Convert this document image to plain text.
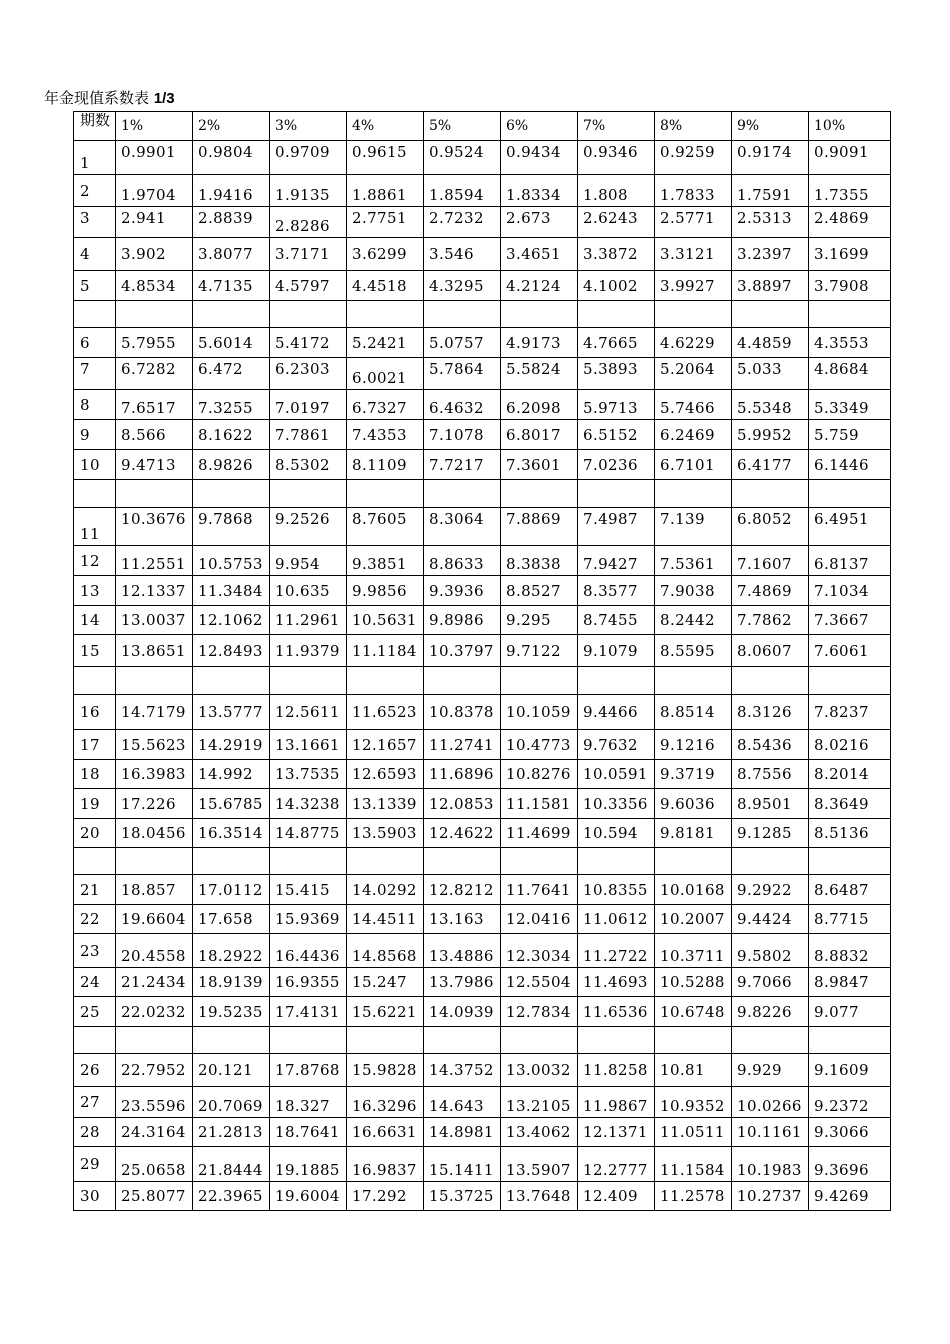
年金现值系数表 1/3
期数	1%	2%	3%	4%	5%	6%	7%	8%	9%	10%
1	0.9901	0.9804	0.9709	0.9615	0.9524	0.9434	0.9346	0.9259	0.9174	0.9091
2	1.9704	1.9416	1.9135	1.8861	1.8594	1.8334	1.808	1.7833	1.7591	1.7355
3	2.941	2.8839	2.8286	2.7751	2.7232	2.673	2.6243	2.5771	2.5313	2.4869
4	3.902	3.8077	3.7171	3.6299	3.546	3.4651	3.3872	3.3121	3.2397	3.1699
5	4.8534	4.7135	4.5797	4.4518	4.3295	4.2124	4.1002	3.9927	3.8897	3.7908

6	5.7955	5.6014	5.4172	5.2421	5.0757	4.9173	4.7665	4.6229	4.4859	4.3553
7	6.7282	6.472	6.2303	6.0021	5.7864	5.5824	5.3893	5.2064	5.033	4.8684
8	7.6517	7.3255	7.0197	6.7327	6.4632	6.2098	5.9713	5.7466	5.5348	5.3349
9	8.566	8.1622	7.7861	7.4353	7.1078	6.8017	6.5152	6.2469	5.9952	5.759
10	9.4713	8.9826	8.5302	8.1109	7.7217	7.3601	7.0236	6.7101	6.4177	6.1446

11	10.3676	9.7868	9.2526	8.7605	8.3064	7.8869	7.4987	7.139	6.8052	6.4951
12	11.2551	10.5753	9.954	9.3851	8.8633	8.3838	7.9427	7.5361	7.1607	6.8137
13	12.1337	11.3484	10.635	9.9856	9.3936	8.8527	8.3577	7.9038	7.4869	7.1034
14	13.0037	12.1062	11.2961	10.5631	9.8986	9.295	8.7455	8.2442	7.7862	7.3667
15	13.8651	12.8493	11.9379	11.1184	10.3797	9.7122	9.1079	8.5595	8.0607	7.6061

16	14.7179	13.5777	12.5611	11.6523	10.8378	10.1059	9.4466	8.8514	8.3126	7.8237
17	15.5623	14.2919	13.1661	12.1657	11.2741	10.4773	9.7632	9.1216	8.5436	8.0216
18	16.3983	14.992	13.7535	12.6593	11.6896	10.8276	10.0591	9.3719	8.7556	8.2014
19	17.226	15.6785	14.3238	13.1339	12.0853	11.1581	10.3356	9.6036	8.9501	8.3649
20	18.0456	16.3514	14.8775	13.5903	12.4622	11.4699	10.594	9.8181	9.1285	8.5136

21	18.857	17.0112	15.415	14.0292	12.8212	11.7641	10.8355	10.0168	9.2922	8.6487
22	19.6604	17.658	15.9369	14.4511	13.163	12.0416	11.0612	10.2007	9.4424	8.7715
23	20.4558	18.2922	16.4436	14.8568	13.4886	12.3034	11.2722	10.3711	9.5802	8.8832
24	21.2434	18.9139	16.9355	15.247	13.7986	12.5504	11.4693	10.5288	9.7066	8.9847
25	22.0232	19.5235	17.4131	15.6221	14.0939	12.7834	11.6536	10.6748	9.8226	9.077

26	22.7952	20.121	17.8768	15.9828	14.3752	13.0032	11.8258	10.81	9.929	9.1609
27	23.5596	20.7069	18.327	16.3296	14.643	13.2105	11.9867	10.9352	10.0266	9.2372
28	24.3164	21.2813	18.7641	16.6631	14.8981	13.4062	12.1371	11.0511	10.1161	9.3066
29	25.0658	21.8444	19.1885	16.9837	15.1411	13.5907	12.2777	11.1584	10.1983	9.3696
30	25.8077	22.3965	19.6004	17.292	15.3725	13.7648	12.409	11.2578	10.2737	9.4269
